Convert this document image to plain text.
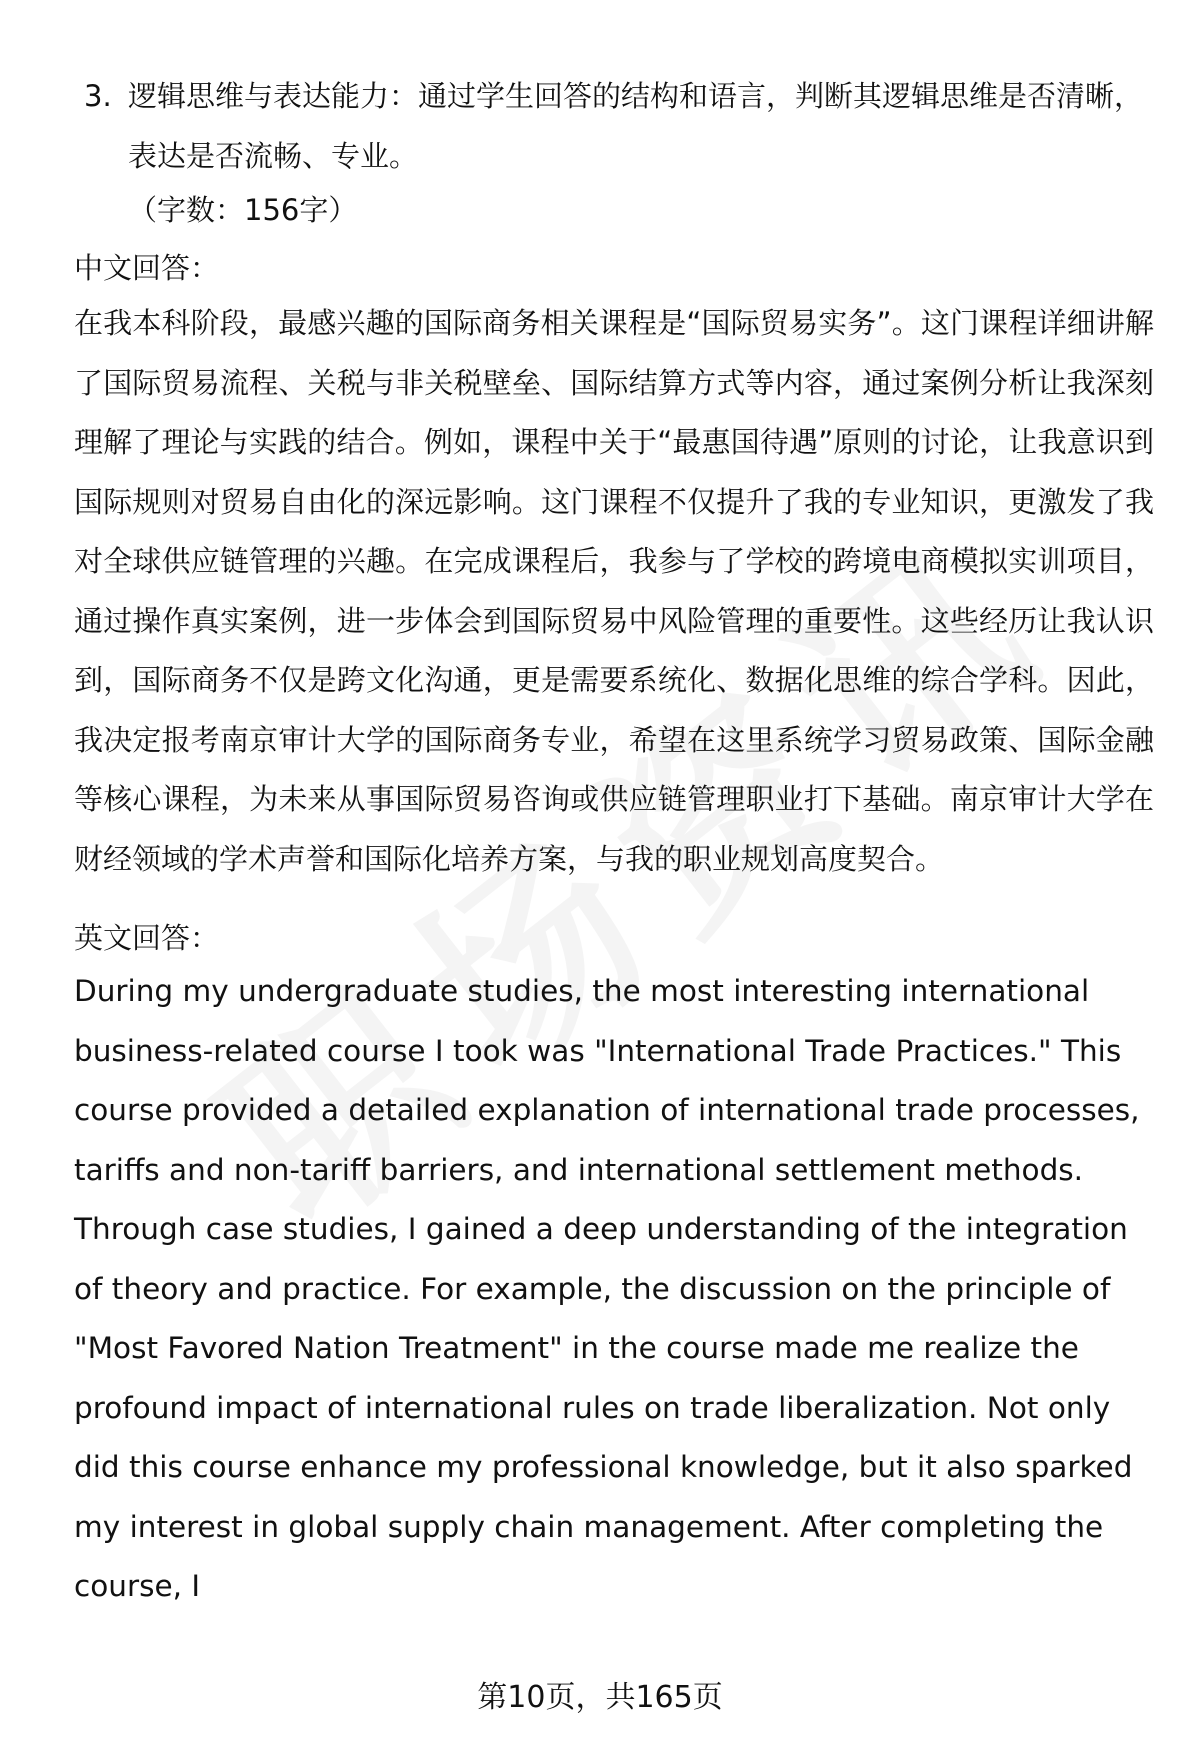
3. 逻辑思维与表达能力：通过学生回答的结构和语言，判断其逻辑思维是否清晰，表达是否流畅、专业。
（字数：156字）
中文回答：
在我本科阶段，最感兴趣的国际商务相关课程是“国际贸易实务”。这门课程详细讲解了国际贸易流程、关税与非关税壁垒、国际结算方式等内容，通过案例分析让我深刻理解了理论与实践的结合。例如，课程中关于“最惠国待遇”原则的讨论，让我意识到国际规则对贸易自由化的深远影响。这门课程不仅提升了我的专业知识，更激发了我对全球供应链管理的兴趣。在完成课程后，我参与了学校的跨境电商模拟实训项目，通过操作真实案例，进一步体会到国际贸易中风险管理的重要性。这些经历让我认识到，国际商务不仅是跨文化沟通，更是需要系统化、数据化思维的综合学科。因此，我决定报考南京审计大学的国际商务专业，希望在这里系统学习贸易政策、国际金融等核心课程，为未来从事国际贸易咨询或供应链管理职业打下基础。南京审计大学在财经领域的学术声誉和国际化培养方案，与我的职业规划高度契合。
英文回答：
During my undergraduate studies, the most interesting international business-related course I took was "International Trade Practices." This course provided a detailed explanation of international trade processes, tariffs and non-tariff barriers, and international settlement methods. Through case studies, I gained a deep understanding of the integration of theory and practice. For example, the discussion on the principle of "Most Favored Nation Treatment" in the course made me realize the profound impact of international rules on trade liberalization. Not only did this course enhance my professional knowledge, but it also sparked my interest in global supply chain management. After completing the course, I
第10页，共165页
